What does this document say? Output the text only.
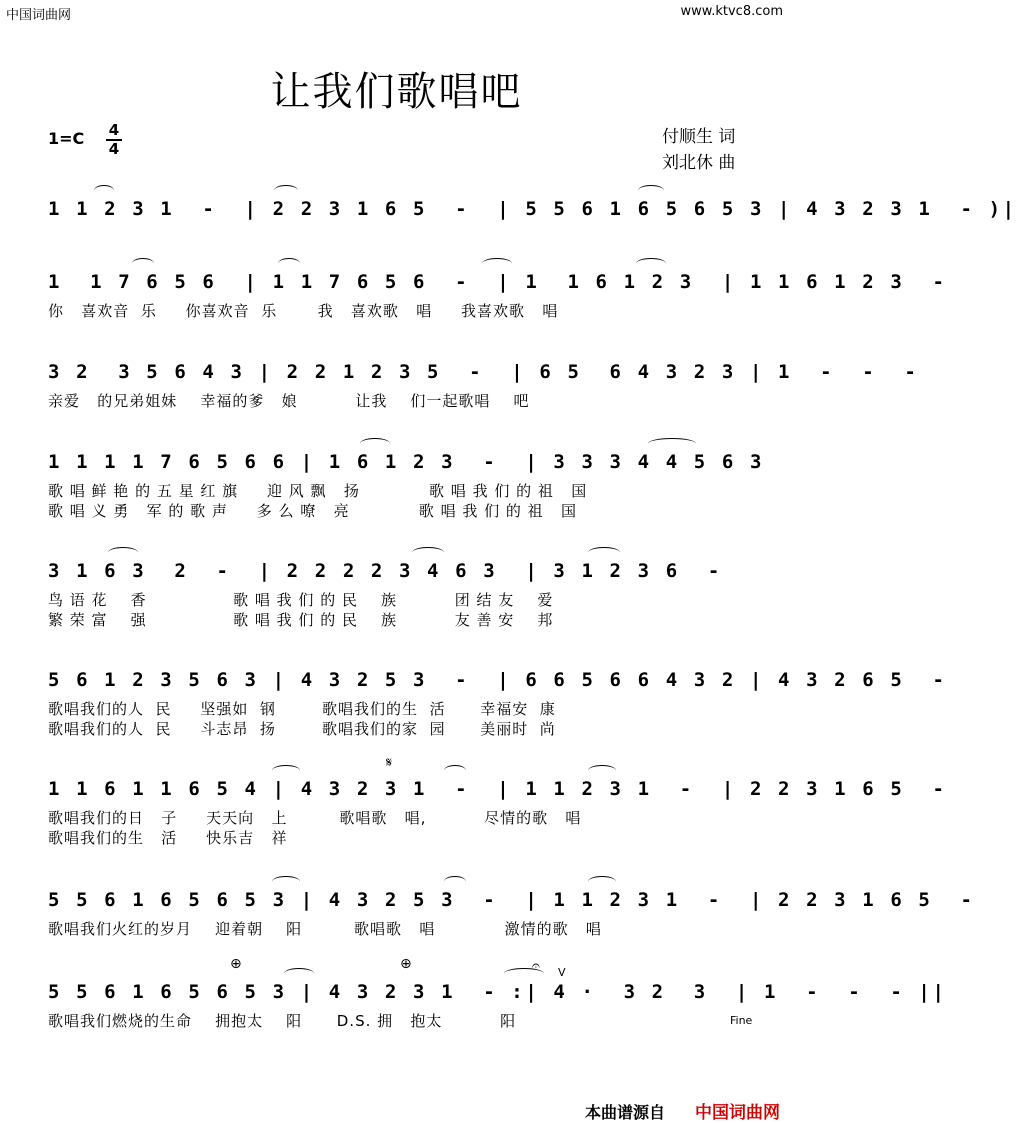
中国词曲网	www.ktvc8.com
让我们歌唱吧
1=C	4
4
付顺生 词
刘北休 曲
1 1 2 3 1  -  | 2 2 3 1 6 5  -  | 5 5 6 1 6 5 6 5 3 | 4 3 2 3 1  - )|
1  1 7 6 5 6  | 1 1 7 6 5 6  -  | 1  1 6 1 2 3  | 1 1 6 1 2 3  -
你   喜欢音  乐     你喜欢音  乐       我   喜欢歌   唱     我喜欢歌   唱
3 2  3 5 6 4 3 | 2 2 1 2 3 5  -  | 6 5  6 4 3 2 3 | 1  -  -  -
亲爱   的兄弟姐妹    幸福的爹   娘          让我    们一起歌唱    吧
1 1 1 1 7 6 5 6 6 | 1 6 1 2 3  -  | 3 3 3 4 4 5 6 3
歌 唱 鲜 艳 的 五 星 红 旗     迎 风 飘   扬            歌 唱 我 们 的 祖   国
歌 唱 义 勇   军 的 歌 声     多 么 嘹   亮            歌 唱 我 们 的 祖   国
3 1 6 3  2  -  | 2 2 2 2 3 4 6 3  | 3 1 2 3 6  -
鸟 语 花    香               歌 唱 我 们 的 民    族          团 结 友    爱
繁 荣 富    强               歌 唱 我 们 的 民    族          友 善 安    邦
5 6 1 2 3 5 6 3 | 4 3 2 5 3  -  | 6 6 5 6 6 4 3 2 | 4 3 2 6 5  -
歌唱我们的人  民     坚强如  钢        歌唱我们的生  活      幸福安  康
歌唱我们的人  民     斗志昂  扬        歌唱我们的家  园      美丽时  尚
1 1 6 1 1 6 5 4 | 4 3 2 3 1  -  | 1 1 2 3 1  -  | 2 2 3 1 6 5  -
歌唱我们的日   子     天天向   上         歌唱歌   唱,          尽情的歌   唱
歌唱我们的生   活     快乐吉   祥
𝄋
5 5 6 1 6 5 6 5 3 | 4 3 2 5 3  -  | 1 1 2 3 1  -  | 2 2 3 1 6 5  -
歌唱我们火红的岁月    迎着朝    阳         歌唱歌   唱            激情的歌   唱
5 5 6 1 6 5 6 5 3 | 4 3 2 3 1  - :| 4 ·  3 2  3  | 1  -  -  - ||
歌唱我们燃烧的生命    拥抱太    阳      D.S. 拥   抱太          阳
⊕	⊕	𝄐 V
Fine
本曲谱源自 中国词曲网
